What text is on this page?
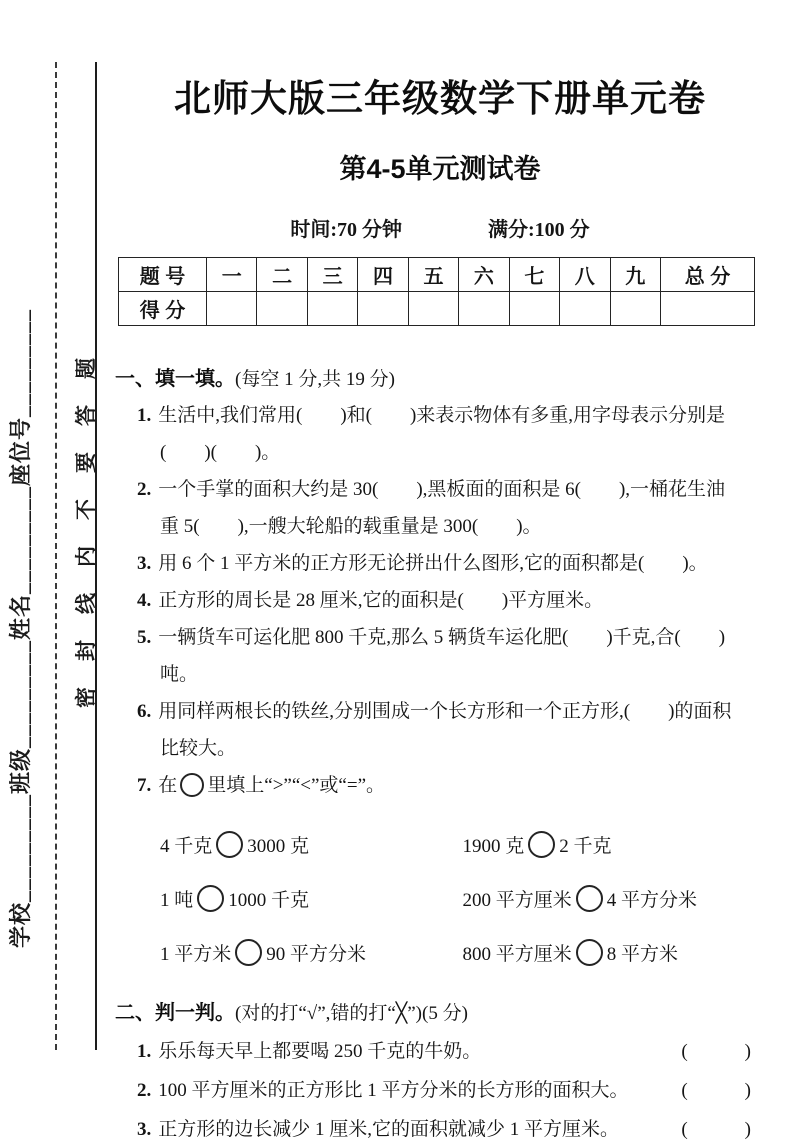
学校_________班级_________姓名_________座位号_________ 密封线内不要答题
北师大版三年级数学下册单元卷
第4-5单元测试卷
时间:70 分钟	满分:100 分
题 号	一	二	三	四	五	六	七	八	九	总 分
得 分										
一、填一填。(每空 1 分,共 19 分)
1. 生活中,我们常用(　　)和(　　)来表示物体有多重,用字母表示分别是
(　　)(　　)。
2. 一个手掌的面积大约是 30(　　),黑板面的面积是 6(　　),一桶花生油
重 5(　　),一艘大轮船的载重量是 300(　　)。
3. 用 6 个 1 平方米的正方形无论拼出什么图形,它的面积都是(　　)。
4. 正方形的周长是 28 厘米,它的面积是(　　)平方厘米。
5. 一辆货车可运化肥 800 千克,那么 5 辆货车运化肥(　　)千克,合(　　)
吨。
6. 用同样两根长的铁丝,分别围成一个长方形和一个正方形,(　　)的面积
比较大。
7. 在 里填上“>”“<”或“=”。
4 千克 3000 克	1900 克 2 千克
1 吨 1000 千克	200 平方厘米 4 平方分米
1 平方米 90 平方分米	800 平方厘米 8 平方米
二、判一判。(对的打“√”,错的打“╳”)(5 分)
1. 乐乐每天早上都要喝 250 千克的牛奶。	(　　　)
2. 100 平方厘米的正方形比 1 平方分米的长方形的面积大。	(　　　)
3. 正方形的边长减少 1 厘米,它的面积就减少 1 平方厘米。	(　　　)
